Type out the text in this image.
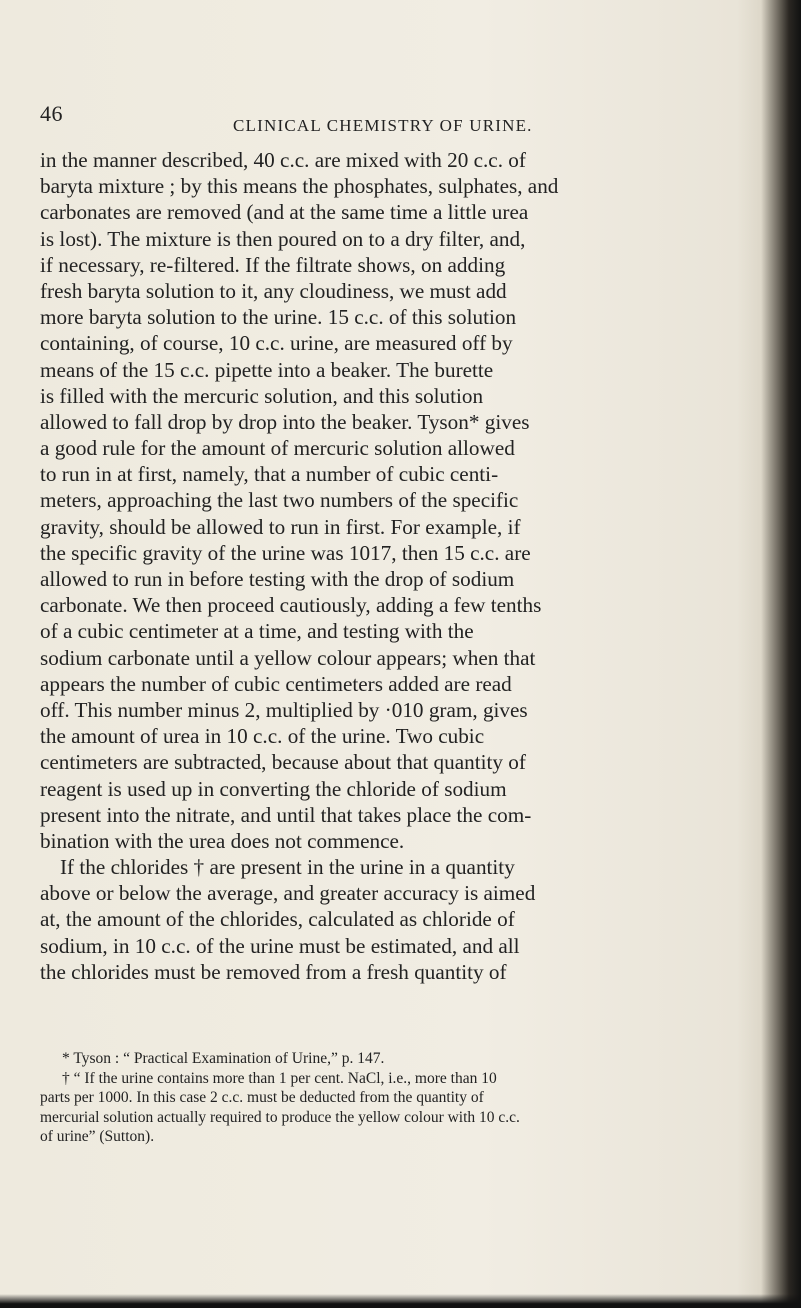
46	CLINICAL CHEMISTRY OF URINE.
in the manner described, 40 c.c. are mixed with 20 c.c. of
baryta mixture ; by this means the phosphates, sulphates, and
carbonates are removed (and at the same time a little urea
is lost). The mixture is then poured on to a dry filter, and,
if necessary, re-filtered. If the filtrate shows, on adding
fresh baryta solution to it, any cloudiness, we must add
more baryta solution to the urine. 15 c.c. of this solution
containing, of course, 10 c.c. urine, are measured off by
means of the 15 c.c. pipette into a beaker. The burette
is filled with the mercuric solution, and this solution
allowed to fall drop by drop into the beaker. Tyson* gives
a good rule for the amount of mercuric solution allowed
to run in at first, namely, that a number of cubic centi-
meters, approaching the last two numbers of the specific
gravity, should be allowed to run in first. For example, if
the specific gravity of the urine was 1017, then 15 c.c. are
allowed to run in before testing with the drop of sodium
carbonate. We then proceed cautiously, adding a few tenths
of a cubic centimeter at a time, and testing with the
sodium carbonate until a yellow colour appears; when that
appears the number of cubic centimeters added are read
off. This number minus 2, multiplied by ·010 gram, gives
the amount of urea in 10 c.c. of the urine. Two cubic
centimeters are subtracted, because about that quantity of
reagent is used up in converting the chloride of sodium
present into the nitrate, and until that takes place the com-
bination with the urea does not commence.
If the chlorides † are present in the urine in a quantity
above or below the average, and greater accuracy is aimed
at, the amount of the chlorides, calculated as chloride of
sodium, in 10 c.c. of the urine must be estimated, and all
the chlorides must be removed from a fresh quantity of
* Tyson : “ Practical Examination of Urine,” p. 147.
† “ If the urine contains more than 1 per cent. NaCl, i.e., more than 10
parts per 1000. In this case 2 c.c. must be deducted from the quantity of
mercurial solution actually required to produce the yellow colour with 10 c.c.
of urine” (Sutton).
